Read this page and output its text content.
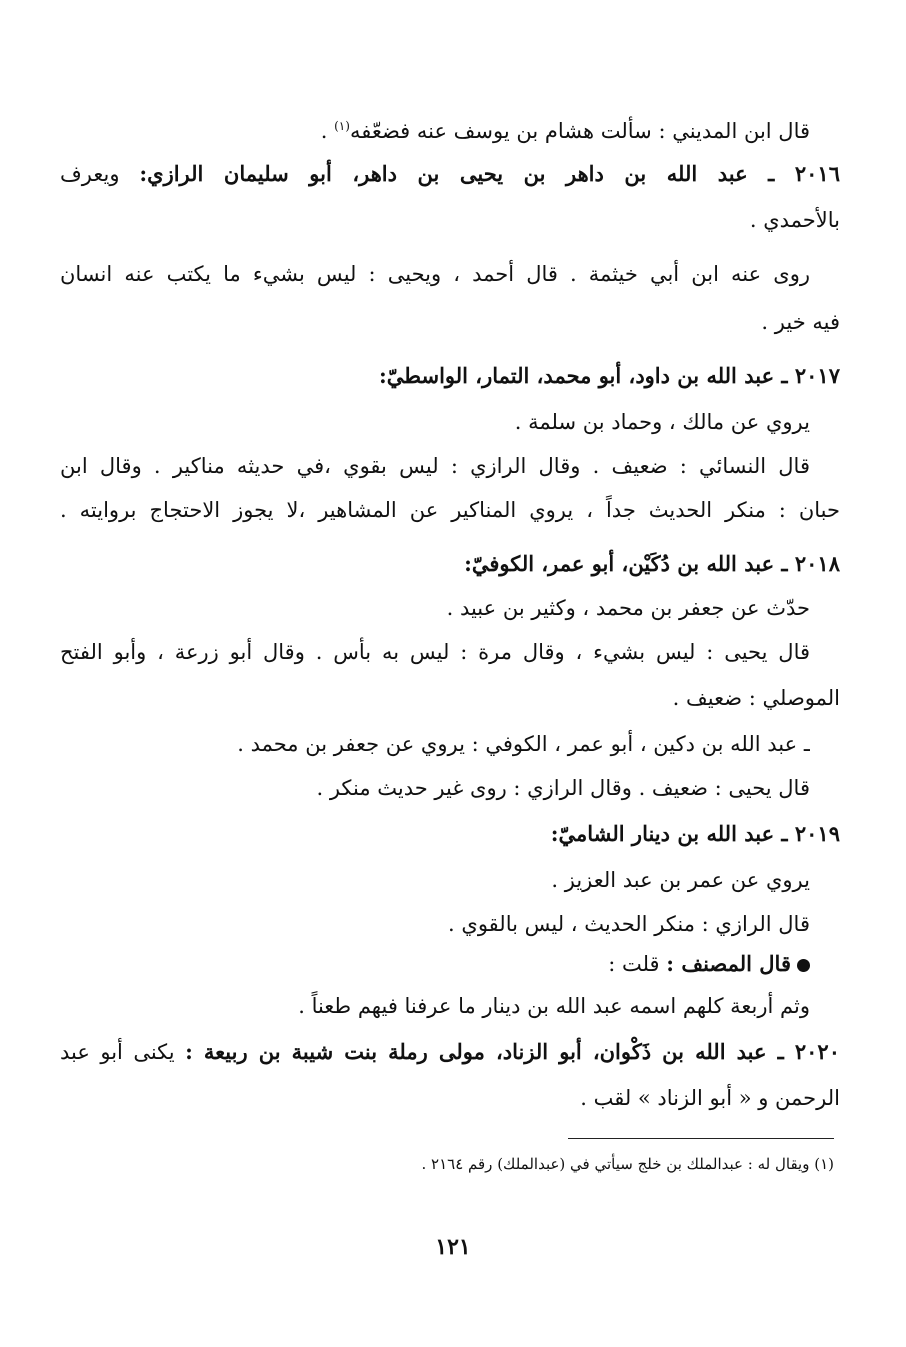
قال ابن المديني : سألت هشام بن يوسف عنه فضعّفه$^{(١)}$ .
٢٠١٦ ـ عبد الله بن داهر بن يحيى بن داهر، أبو سليمان الرازي: ويعرف
بالأحمدي .
روى عنه ابن أبي خيثمة . قال أحمد ، ويحيى : ليس بشيء ما يكتب عنه انسان
فيه خير .
٢٠١٧ ـ عبد الله بن داود، أبو محمد، التمار، الواسطيّ:
يروي عن مالك ، وحماد بن سلمة .
قال النسائي : ضعيف . وقال الرازي : ليس بقوي ،في حديثه مناكير . وقال ابن
حبان : منكر الحديث جداً ، يروي المناكير عن المشاهير ،لا يجوز الاحتجاج بروايته .
٢٠١٨ ـ عبد الله بن دُكَيْن، أبو عمر، الكوفيّ:
حدّث عن جعفر بن محمد ، وكثير بن عبيد .
قال يحيى : ليس بشيء ، وقال مرة : ليس به بأس . وقال أبو زرعة ، وأبو الفتح
الموصلي : ضعيف .
ـ عبد الله بن دكين ، أبو عمر ، الكوفي : يروي عن جعفر بن محمد .
قال يحيى : ضعيف . وقال الرازي : روى غير حديث منكر .
٢٠١٩ ـ عبد الله بن دينار الشاميّ:
يروي عن عمر بن عبد العزيز .
قال الرازي : منكر الحديث ، ليس بالقوي .
قال المصنف : قلت :
وثم أربعة كلهم اسمه عبد الله بن دينار ما عرفنا فيهم طعناً .
٢٠٢٠ ـ عبد الله بن ذَكْوان، أبو الزناد، مولى رملة بنت شيبة بن ربيعة : يكنى أبو عبد
الرحمن و « أبو الزناد » لقب .
(١) ويقال له : عبدالملك بن خلج سيأتي في (عبدالملك) رقم ٢١٦٤ .
١٢١
